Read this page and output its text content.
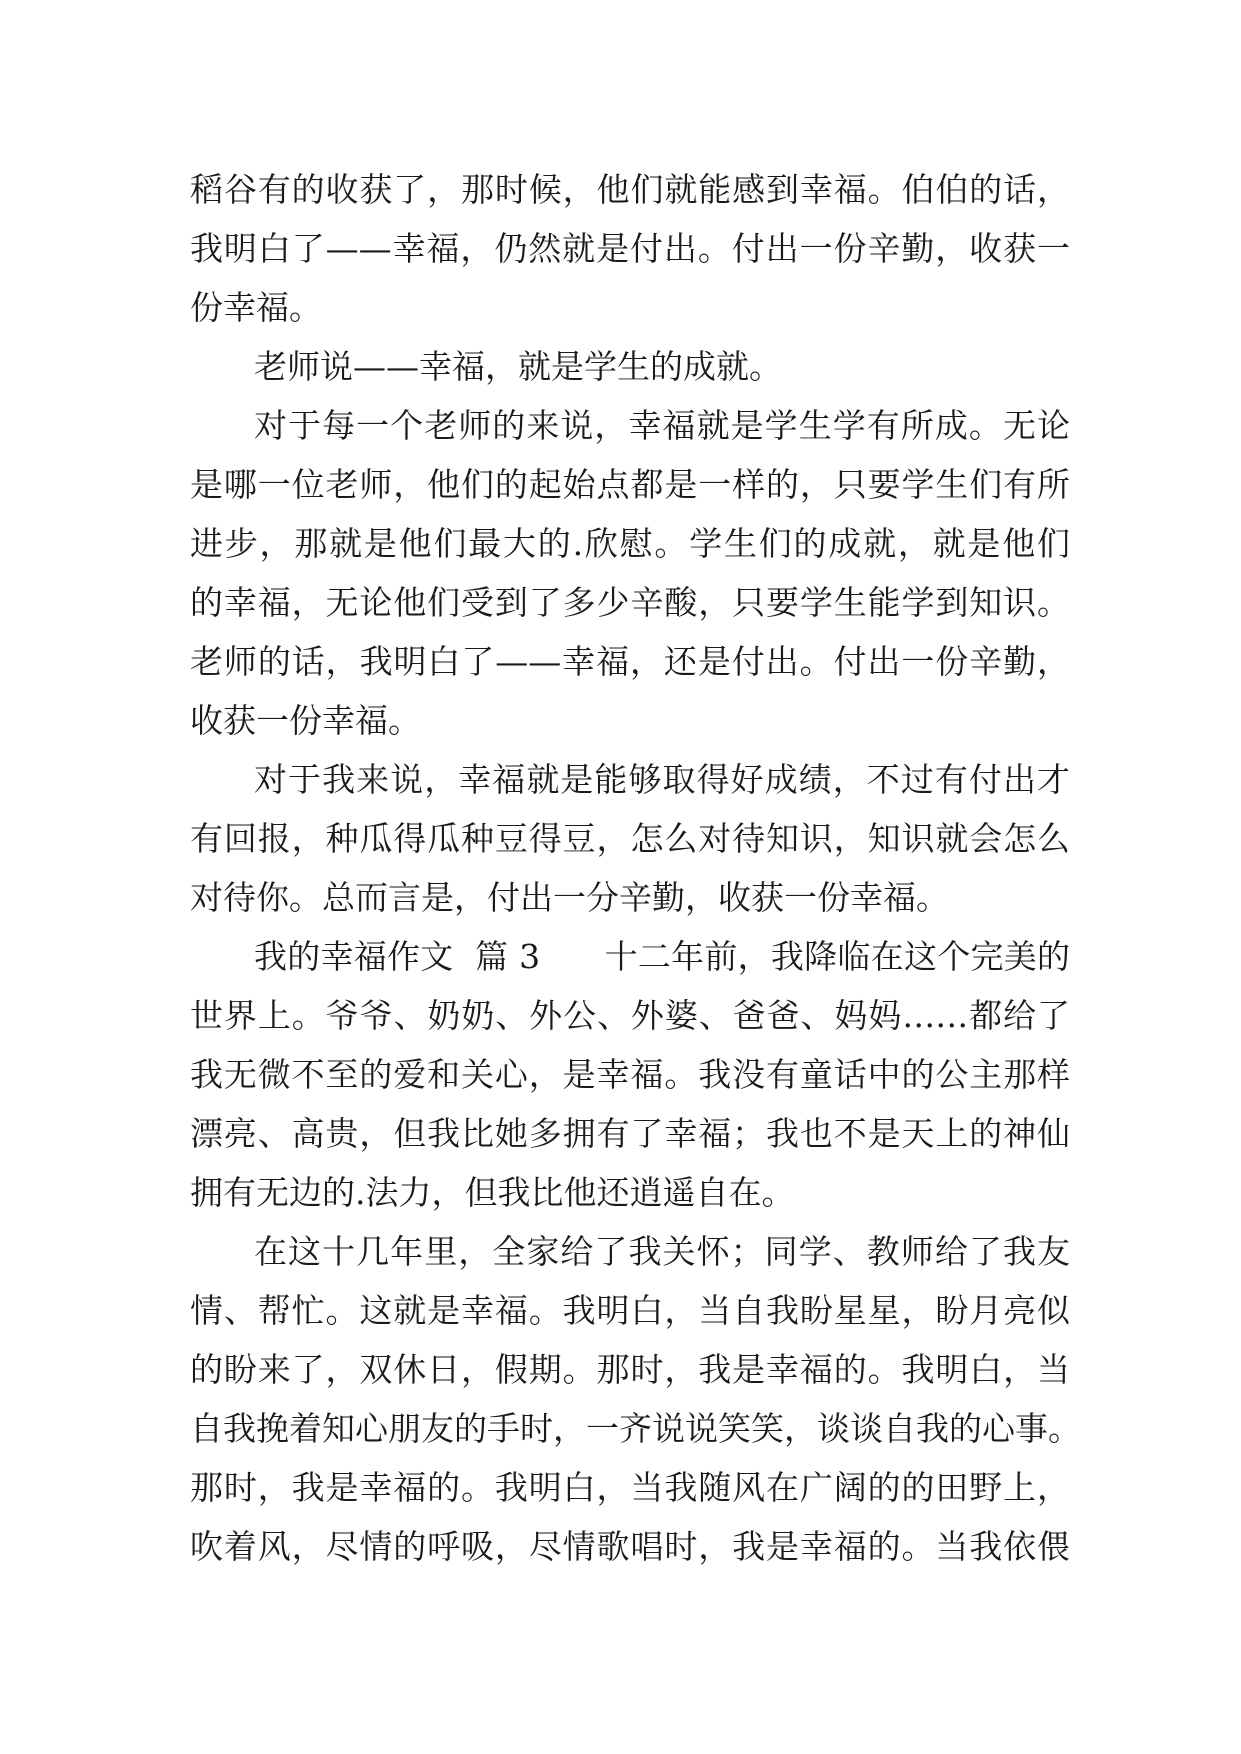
稻谷有的收获了，那时候，他们就能感到幸福。伯伯的话，
我明白了——幸福，仍然就是付出。付出一份辛勤，收获一
份幸福。
老师说——幸福，就是学生的成就。
对于每一个老师的来说，幸福就是学生学有所成。无论
是哪一位老师，他们的起始点都是一样的，只要学生们有所
进步，那就是他们最大的.欣慰。学生们的成就，就是他们
的幸福，无论他们受到了多少辛酸，只要学生能学到知识。
老师的话，我明白了——幸福，还是付出。付出一份辛勤，
收获一份幸福。
对于我来说，幸福就是能够取得好成绩，不过有付出才
有回报，种瓜得瓜种豆得豆，怎么对待知识，知识就会怎么
对待你。总而言是，付出一分辛勤，收获一份幸福。
我的幸福作文  篇 3      十二年前，我降临在这个完美的
世界上。爷爷、奶奶、外公、外婆、爸爸、妈妈……都给了
我无微不至的爱和关心，是幸福。我没有童话中的公主那样
漂亮、高贵，但我比她多拥有了幸福；我也不是天上的神仙
拥有无边的.法力，但我比他还逍遥自在。
在这十几年里，全家给了我关怀；同学、教师给了我友
情、帮忙。这就是幸福。我明白，当自我盼星星，盼月亮似
的盼来了，双休日，假期。那时，我是幸福的。我明白，当
自我挽着知心朋友的手时，一齐说说笑笑，谈谈自我的心事。
那时，我是幸福的。我明白，当我随风在广阔的的田野上，
吹着风，尽情的呼吸，尽情歌唱时，我是幸福的。当我依偎
